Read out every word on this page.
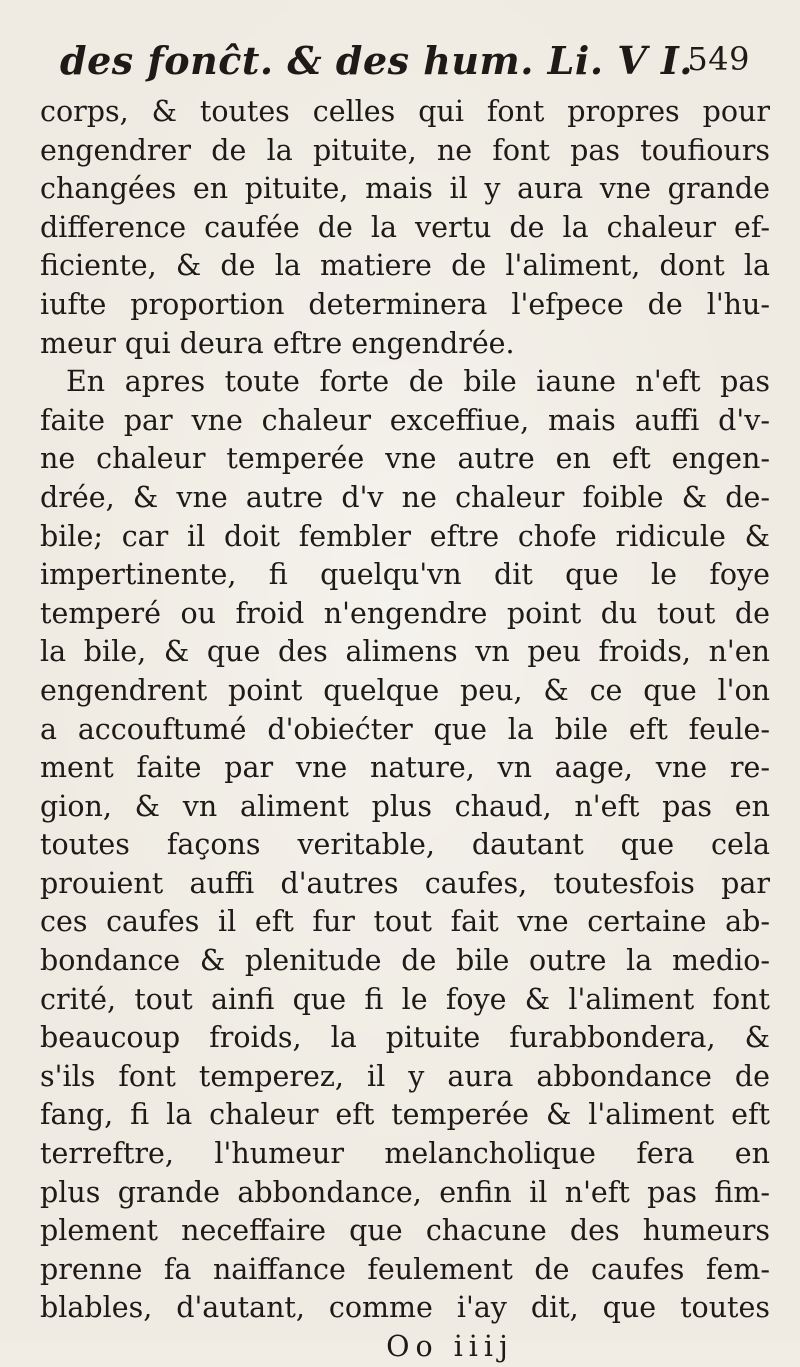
des fonĉt. & des hum. Li. V I.
549
corps, & toutes celles qui font propres pour
engendrer de la pituite, ne font pas toufiours
changées en pituite, mais il y aura vne grande
difference caufée de la vertu de la chaleur ef-
ficiente, & de la matiere de l'aliment, dont la
iufte proportion determinera l'efpece de l'hu-
meur qui deura eftre engendrée.
En apres toute forte de bile iaune n'eft pas
faite par vne chaleur exceffiue, mais auffi d'v-
ne chaleur temperée vne autre en eft engen-
drée, & vne autre d'v ne chaleur foible & de-
bile; car il doit fembler eftre chofe ridicule &
impertinente, fi quelqu'vn dit que le foye
temperé ou froid n'engendre point du tout de
la bile, & que des alimens vn peu froids, n'en
engendrent point quelque peu, & ce que l'on
a accouftumé d'obiećter que la bile eft feule-
ment faite par vne nature, vn aage, vne re-
gion, & vn aliment plus chaud, n'eft pas en
toutes façons veritable, dautant que cela
prouient auffi d'autres caufes, toutesfois par
ces caufes il eft fur tout fait vne certaine ab-
bondance & plenitude de bile outre la medio-
crité, tout ainfi que fi le foye & l'aliment font
beaucoup froids, la pituite furabbondera, &
s'ils font temperez, il y aura abbondance de
fang, fi la chaleur eft temperée & l'aliment eft
terreftre, l'humeur melancholique fera en
plus grande abbondance, enfin il n'eft pas fim-
plement neceffaire que chacune des humeurs
prenne fa naiffance feulement de caufes fem-
blables, d'autant, comme i'ay dit, que toutes
Oo iiij
